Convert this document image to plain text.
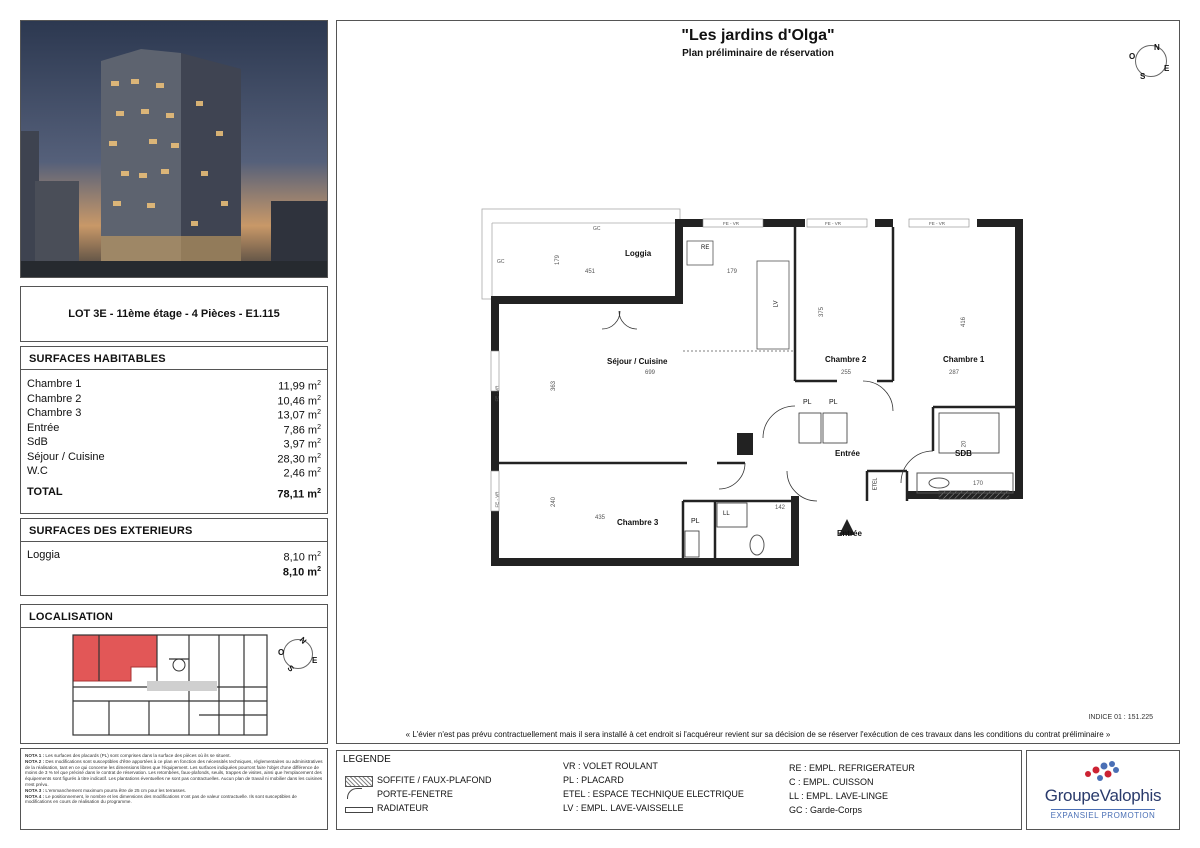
LOT 3E - 11ème étage - 4 Pièces - E1.115
SURFACES HABITABLES
Chambre 1	11,99 $m^2$
Chambre 2	10,46 $m^2$
Chambre 3	13,07 $m^2$
Entrée	7,86 $m^2$
SdB	3,97 $m^2$
Séjour / Cuisine	28,30 $m^2$
W.C	2,46 $m^2$
TOTAL	78,11 $m^2$
SURFACES DES EXTERIEURS
Loggia	8,10 $m^2$
8,10 $m^2$
LOCALISATION
N
O
E
S
NOTA 1 : Les surfaces des placards (PL) sont comprises dans la surface des pièces où ils se situent.
NOTA 2 : Des modifications sont susceptibles d'être apportées à ce plan en fonction des nécessités techniques, réglementaires ou administratives de la réalisation, tant en ce qui concerne les dimensions libres que l'équipement. Les surfaces indiquées pourront faire l'objet d'une différence de moins de 3 % tel que précisé dans le contrat de réservation. Les retombées, faux-plafonds, seuils, trappes de visites, ainsi que l'emplacement des équipements sont figurés à titre indicatif. Les plantations éventuelles ne sont pas contractuelles. Aucun plan de travail ni mobilier dans les cuisines n'est prévu.
NOTA 3 : L'emmanchement maximum pourra être de 25 cm pour les terrasses.
NOTA 4 : Le positionnement, le nombre et les dimensions des modifications n'ont pas de valeur contractuelle. Ils sont susceptibles de modifications en cours de réalisation du programme.
"Les jardins d'Olga"
Plan préliminaire de réservation
N
O
E
S
Loggia
Séjour / Cuisine	Chambre 2	Chambre 1
Chambre 3
Entrée	SDB
Entrée
451
179
179
699
363
375
416
255	287
240
435
142
170
20
RE
PL PL
PL
LL
LV
ETEL
GC
GC
FE - VR
FE - VR
FE - VR	FE - VR	FE - VR
INDICE 01 : 151.225
« L'évier n'est pas prévu contractuellement mais il sera installé à cet endroit si l'acquéreur revient sur sa décision de se réserver l'exécution de ces travaux dans les conditions du contrat préliminaire »
LEGENDE
SOFFITE / FAUX-PLAFOND
PORTE-FENETRE
RADIATEUR
VR : VOLET ROULANT
PL : PLACARD
ETEL : ESPACE TECHNIQUE ELECTRIQUE
LV : EMPL. LAVE-VAISSELLE
RE : EMPL. REFRIGERATEUR
C : EMPL. CUISSON
LL : EMPL. LAVE-LINGE
GC : Garde-Corps
GroupeValophis
EXPANSIEL PROMOTION
